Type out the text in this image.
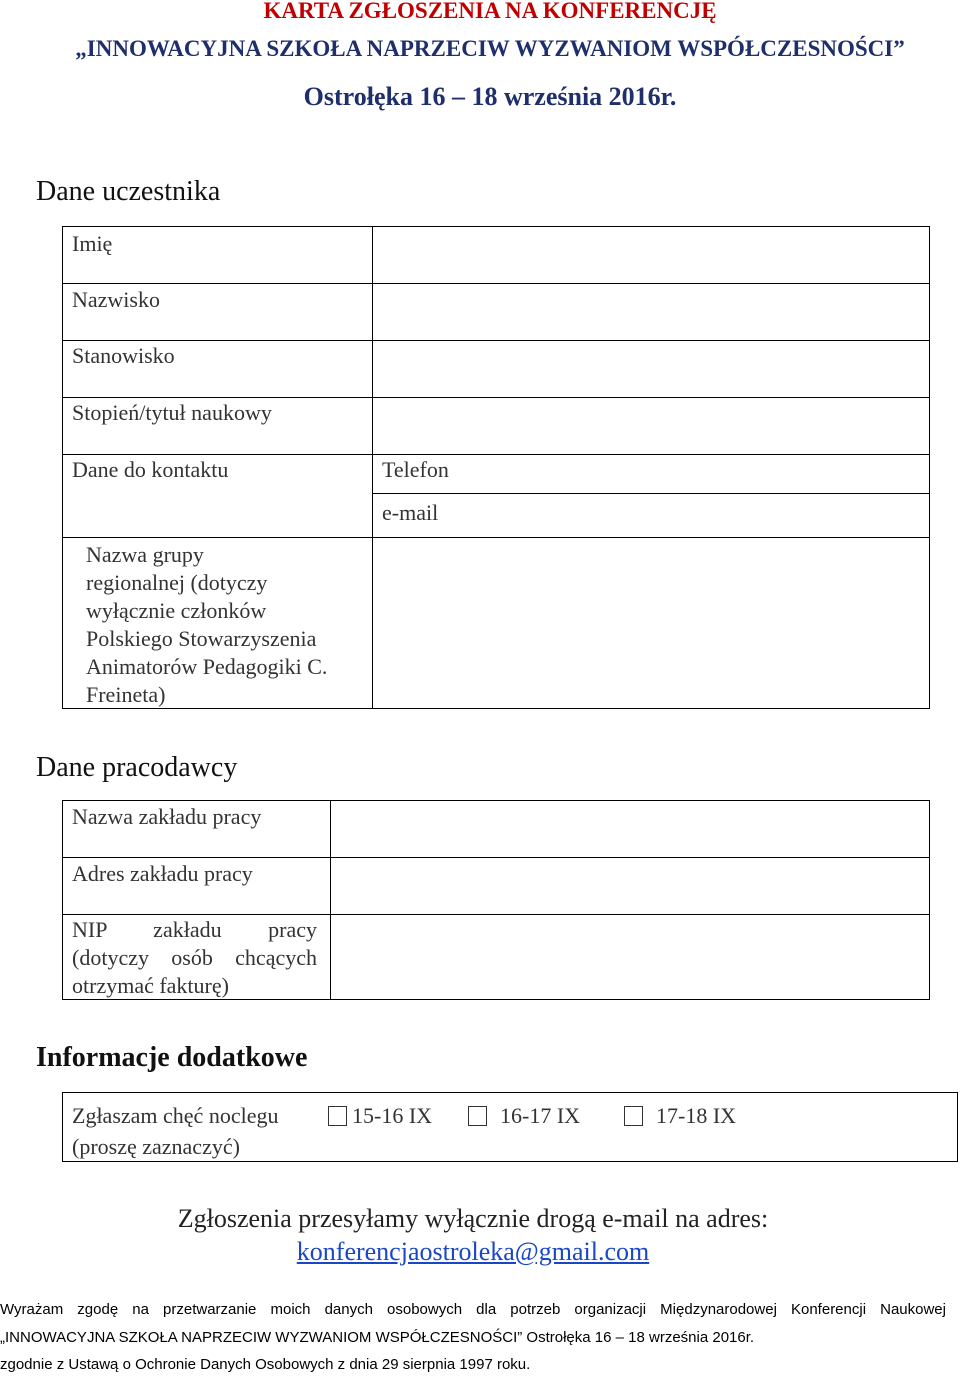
KARTA ZGŁOSZENIA NA KONFERENCJĘ
„INNOWACYJNA SZKOŁA NAPRZECIW WYZWANIOM WSPÓŁCZESNOŚCI”
Ostrołęka 16 – 18 września 2016r.
Dane uczestnika
Imię
Nazwisko
Stanowisko
Stopień/tytuł naukowy
Dane do kontaktu	Telefon
e-mail
Nazwa grupy
regionalnej (dotyczy
wyłącznie członków
Polskiego Stowarzyszenia
Animatorów Pedagogiki C.
Freineta)
Dane pracodawcy
Nazwa zakładu pracy
Adres zakładu pracy
NIP zakładu pracy
(dotyczy osób chcących
otrzymać fakturę)
Informacje dodatkowe
Zgłaszam chęć noclegu
(proszę zaznaczyć)
15-16 IX	16-17 IX	17-18 IX
Zgłoszenia przesyłamy wyłącznie drogą e-mail na adres:
konferencjaostroleka@gmail.com
Wyrażam zgodę na przetwarzanie moich danych osobowych dla potrzeb organizacji Międzynarodowej Konferencji Naukowej
„INNOWACYJNA SZKOŁA NAPRZECIW WYZWANIOM WSPÓŁCZESNOŚCI” Ostrołęka 16 – 18 września 2016r.
zgodnie z Ustawą o Ochronie Danych Osobowych z dnia 29 sierpnia 1997 roku.
